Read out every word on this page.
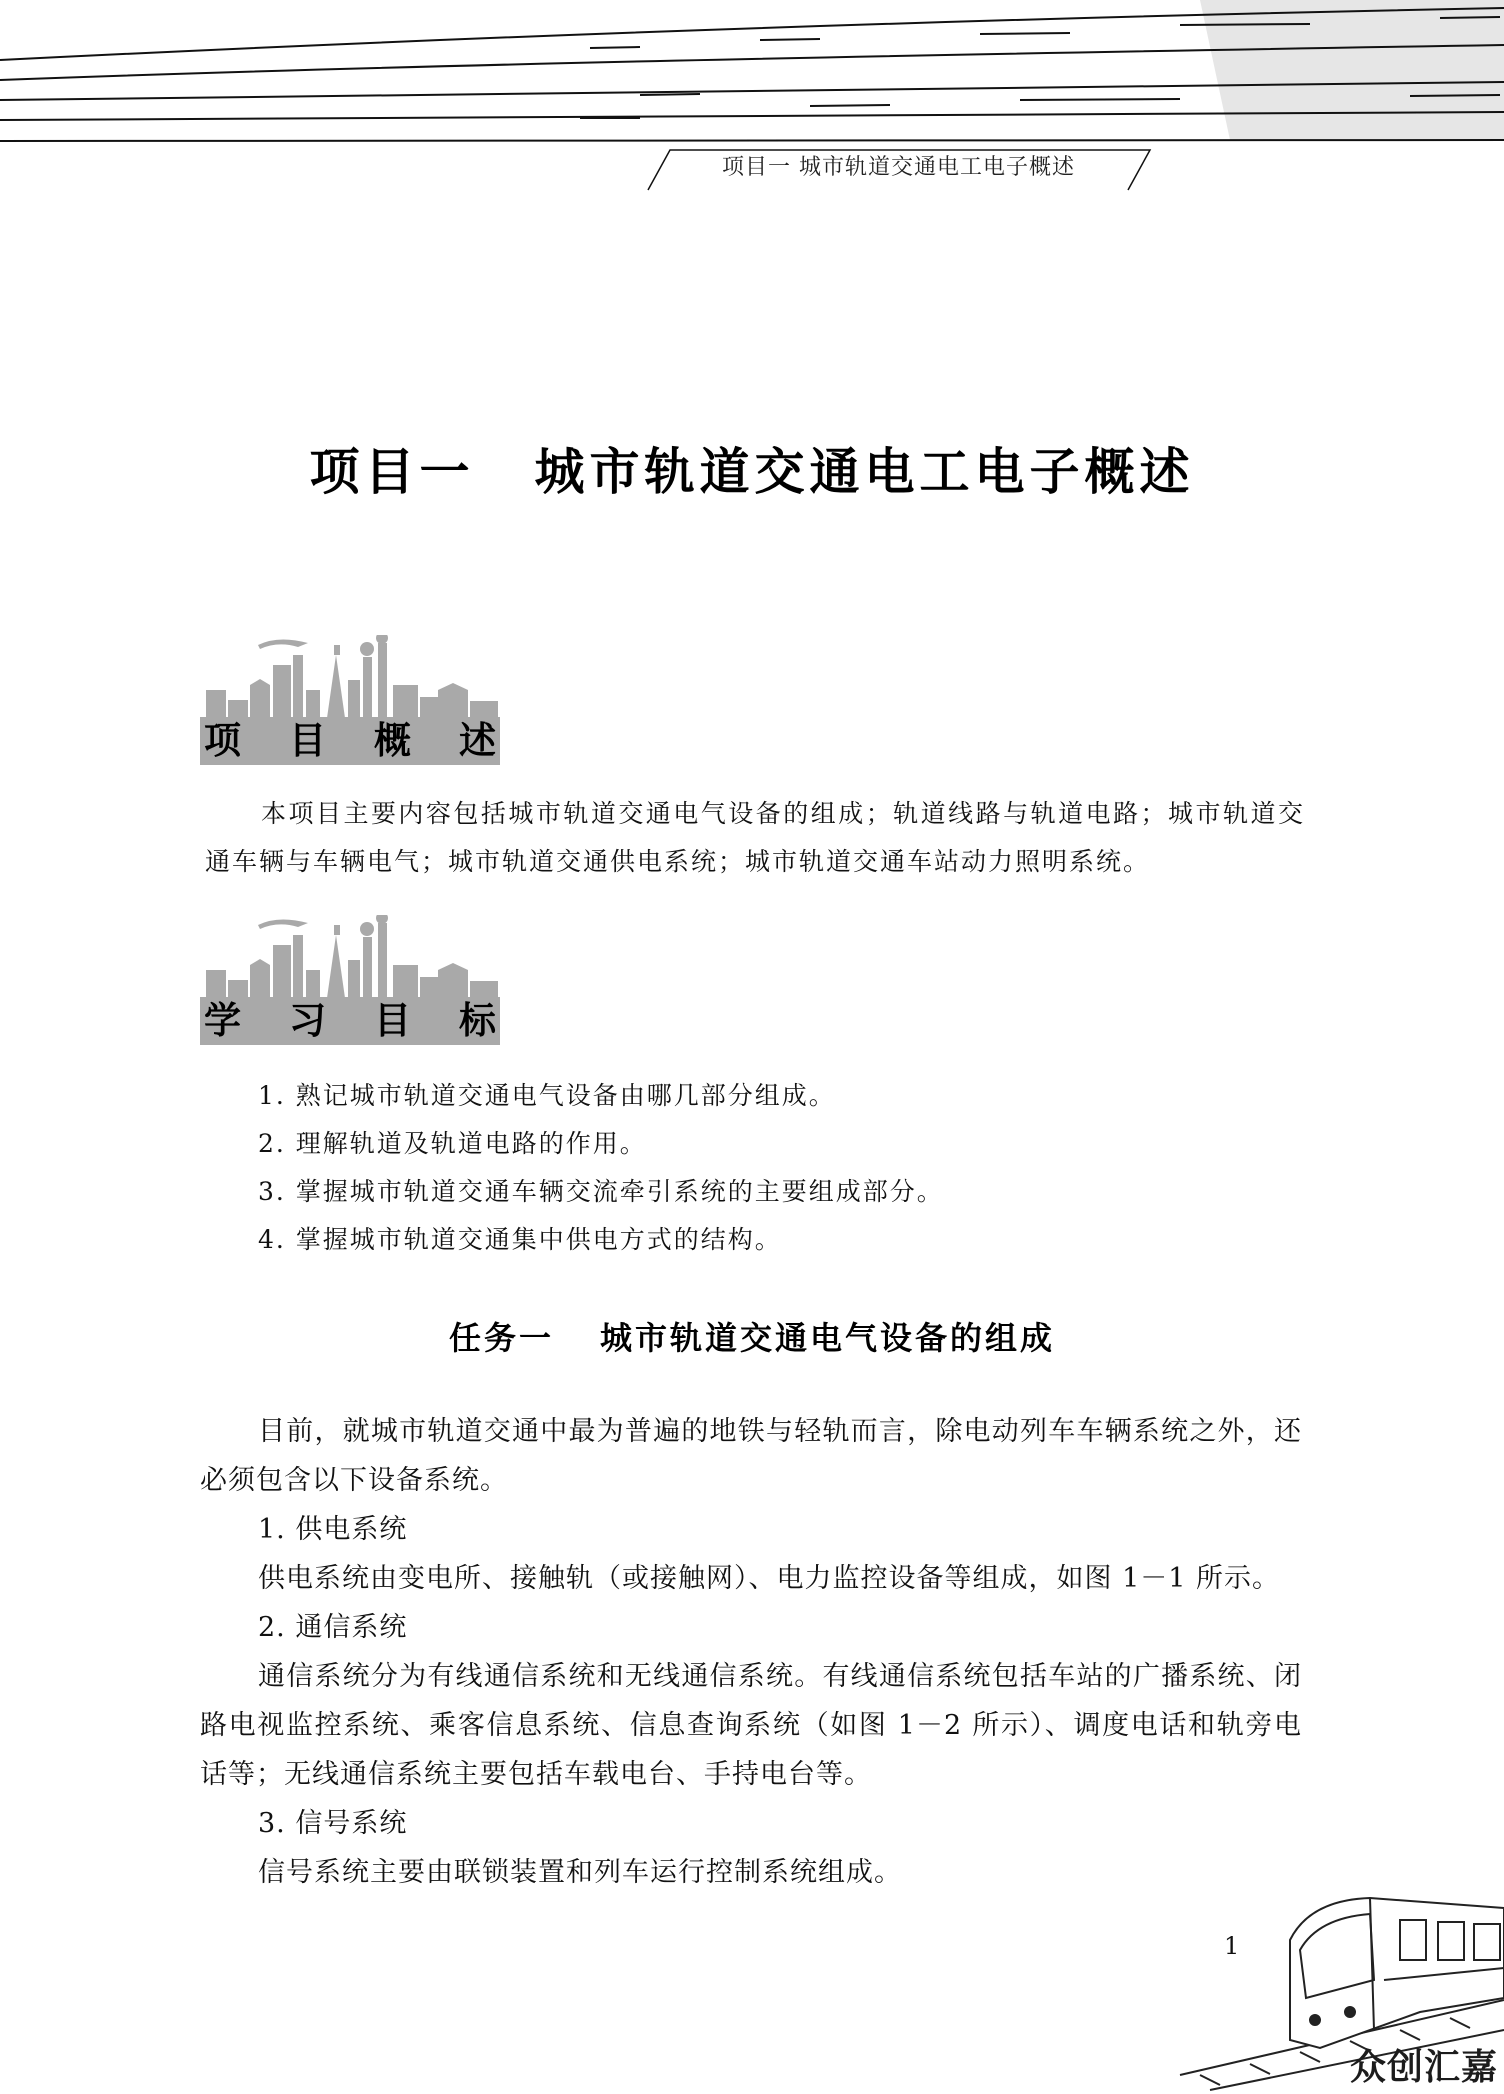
项目一 城市轨道交通电工电子概述
项目一 城市轨道交通电工电子概述
项 目 概 述

本项目主要内容包括城市轨道交通电气设备的组成；轨道线路与轨道电路；城市轨道交通车辆与车辆电气；城市轨道交通供电系统；城市轨道交通车站动力照明系统。

学 习 目 标
1. 熟记城市轨道交通电气设备由哪几部分组成。
2. 理解轨道及轨道电路的作用。
3. 掌握城市轨道交通车辆交流牵引系统的主要组成部分。
4. 掌握城市轨道交通集中供电方式的结构。
任务一 城市轨道交通电气设备的组成

目前，就城市轨道交通中最为普遍的地铁与轻轨而言，除电动列车车辆系统之外，还必须包含以下设备系统。

1. 供电系统

供电系统由变电所、接触轨（或接触网）、电力监控设备等组成，如图 1－1 所示。

2. 通信系统

通信系统分为有线通信系统和无线通信系统。有线通信系统包括车站的广播系统、闭路电视监控系统、乘客信息系统、信息查询系统（如图 1－2 所示）、调度电话和轨旁电话等；无线通信系统主要包括车载电台、手持电台等。

3. 信号系统

信号系统主要由联锁装置和列车运行控制系统组成。

1
众创汇嘉
